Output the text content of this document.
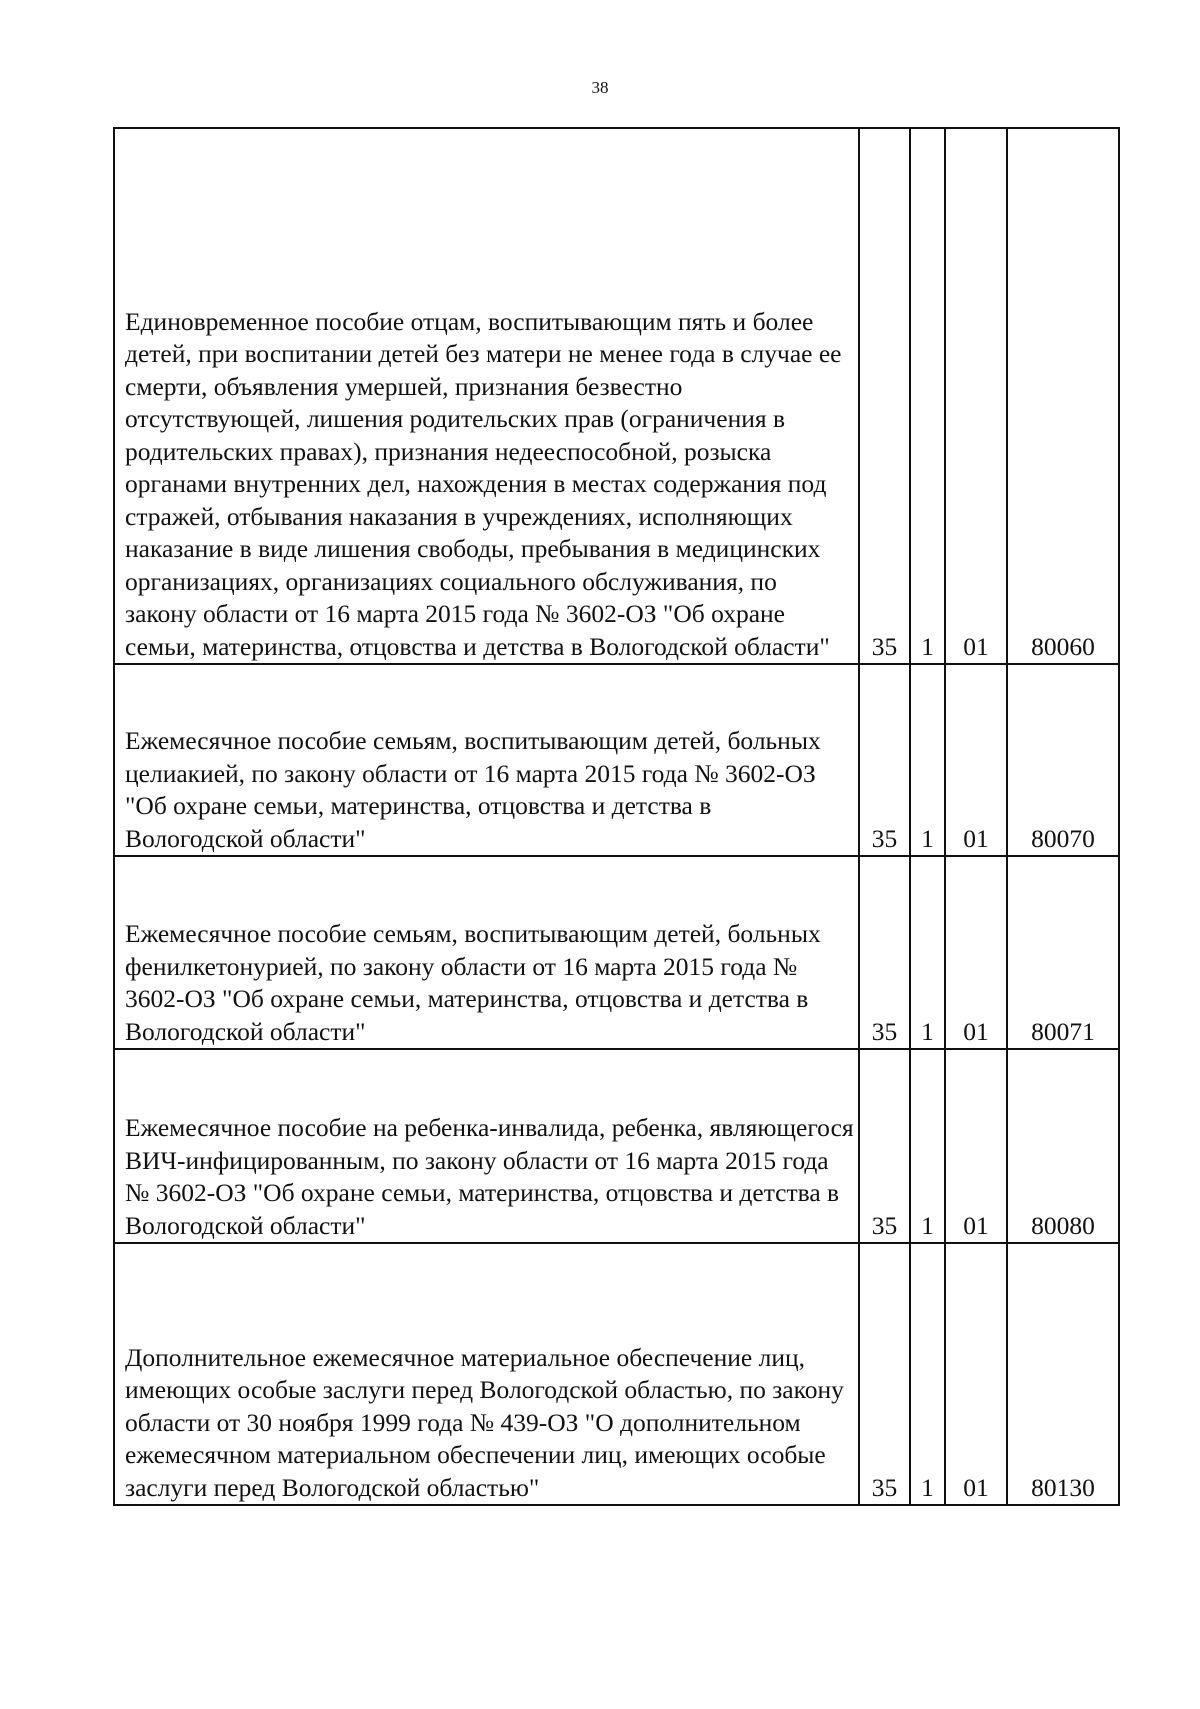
38
Единовременное пособие отцам, воспитывающим пять и более детей, при воспитании детей без матери не менее года в случае ее смерти, объявления умершей, признания безвестно отсутствующей, лишения родительских прав (ограничения в родительских правах), признания недееспособной, розыска органами внутренних дел, нахождения в местах содержания под стражей, отбывания наказания в учреждениях, исполняющих наказание в виде лишения свободы, пребывания в медицинских организациях, организациях социального обслуживания, по закону области от 16 марта 2015 года № 3602-ОЗ "Об охране семьи, материнства, отцовства и детства в Вологодской области"	35	1	01	80060
Ежемесячное пособие семьям, воспитывающим детей, больных целиакией, по закону области от 16 марта 2015 года № 3602-ОЗ "Об охране семьи, материнства, отцовства и детства в Вологодской области"	35	1	01	80070
Ежемесячное пособие семьям, воспитывающим детей, больных фенилкетонурией, по закону области от 16 марта 2015 года № 3602-ОЗ "Об охране семьи, материнства, отцовства и детства в Вологодской области"	35	1	01	80071
Ежемесячное пособие на ребенка-инвалида, ребенка, являющегося ВИЧ-инфицированным, по закону области от 16 марта 2015 года № 3602-ОЗ "Об охране семьи, материнства, отцовства и детства в Вологодской области"	35	1	01	80080
Дополнительное ежемесячное материальное обеспечение лиц, имеющих особые заслуги перед Вологодской областью, по закону области от 30 ноября 1999 года № 439-ОЗ "О дополнительном ежемесячном материальном обеспечении лиц, имеющих особые заслуги перед Вологодской областью"	35	1	01	80130
